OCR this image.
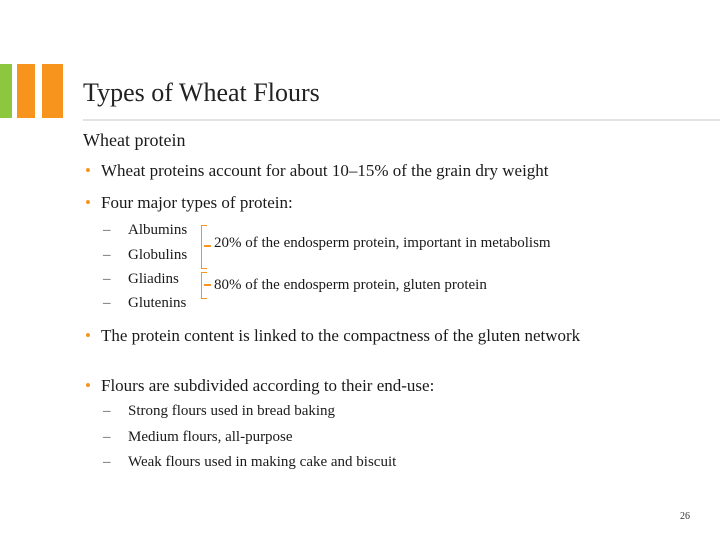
Types of Wheat Flours
Wheat protein
• Wheat proteins account for about 10–15% of the grain dry weight
• Four major types of protein:
– Albumins
– Globulins
– Gliadins
– Glutenins
20% of the endosperm protein, important in metabolism
80% of the endosperm protein, gluten protein
• The protein content is linked to the compactness of the gluten network
• Flours are subdivided according to their end-use:
– Strong flours used in bread baking
– Medium flours, all-purpose
– Weak flours used in making cake and biscuit
26
